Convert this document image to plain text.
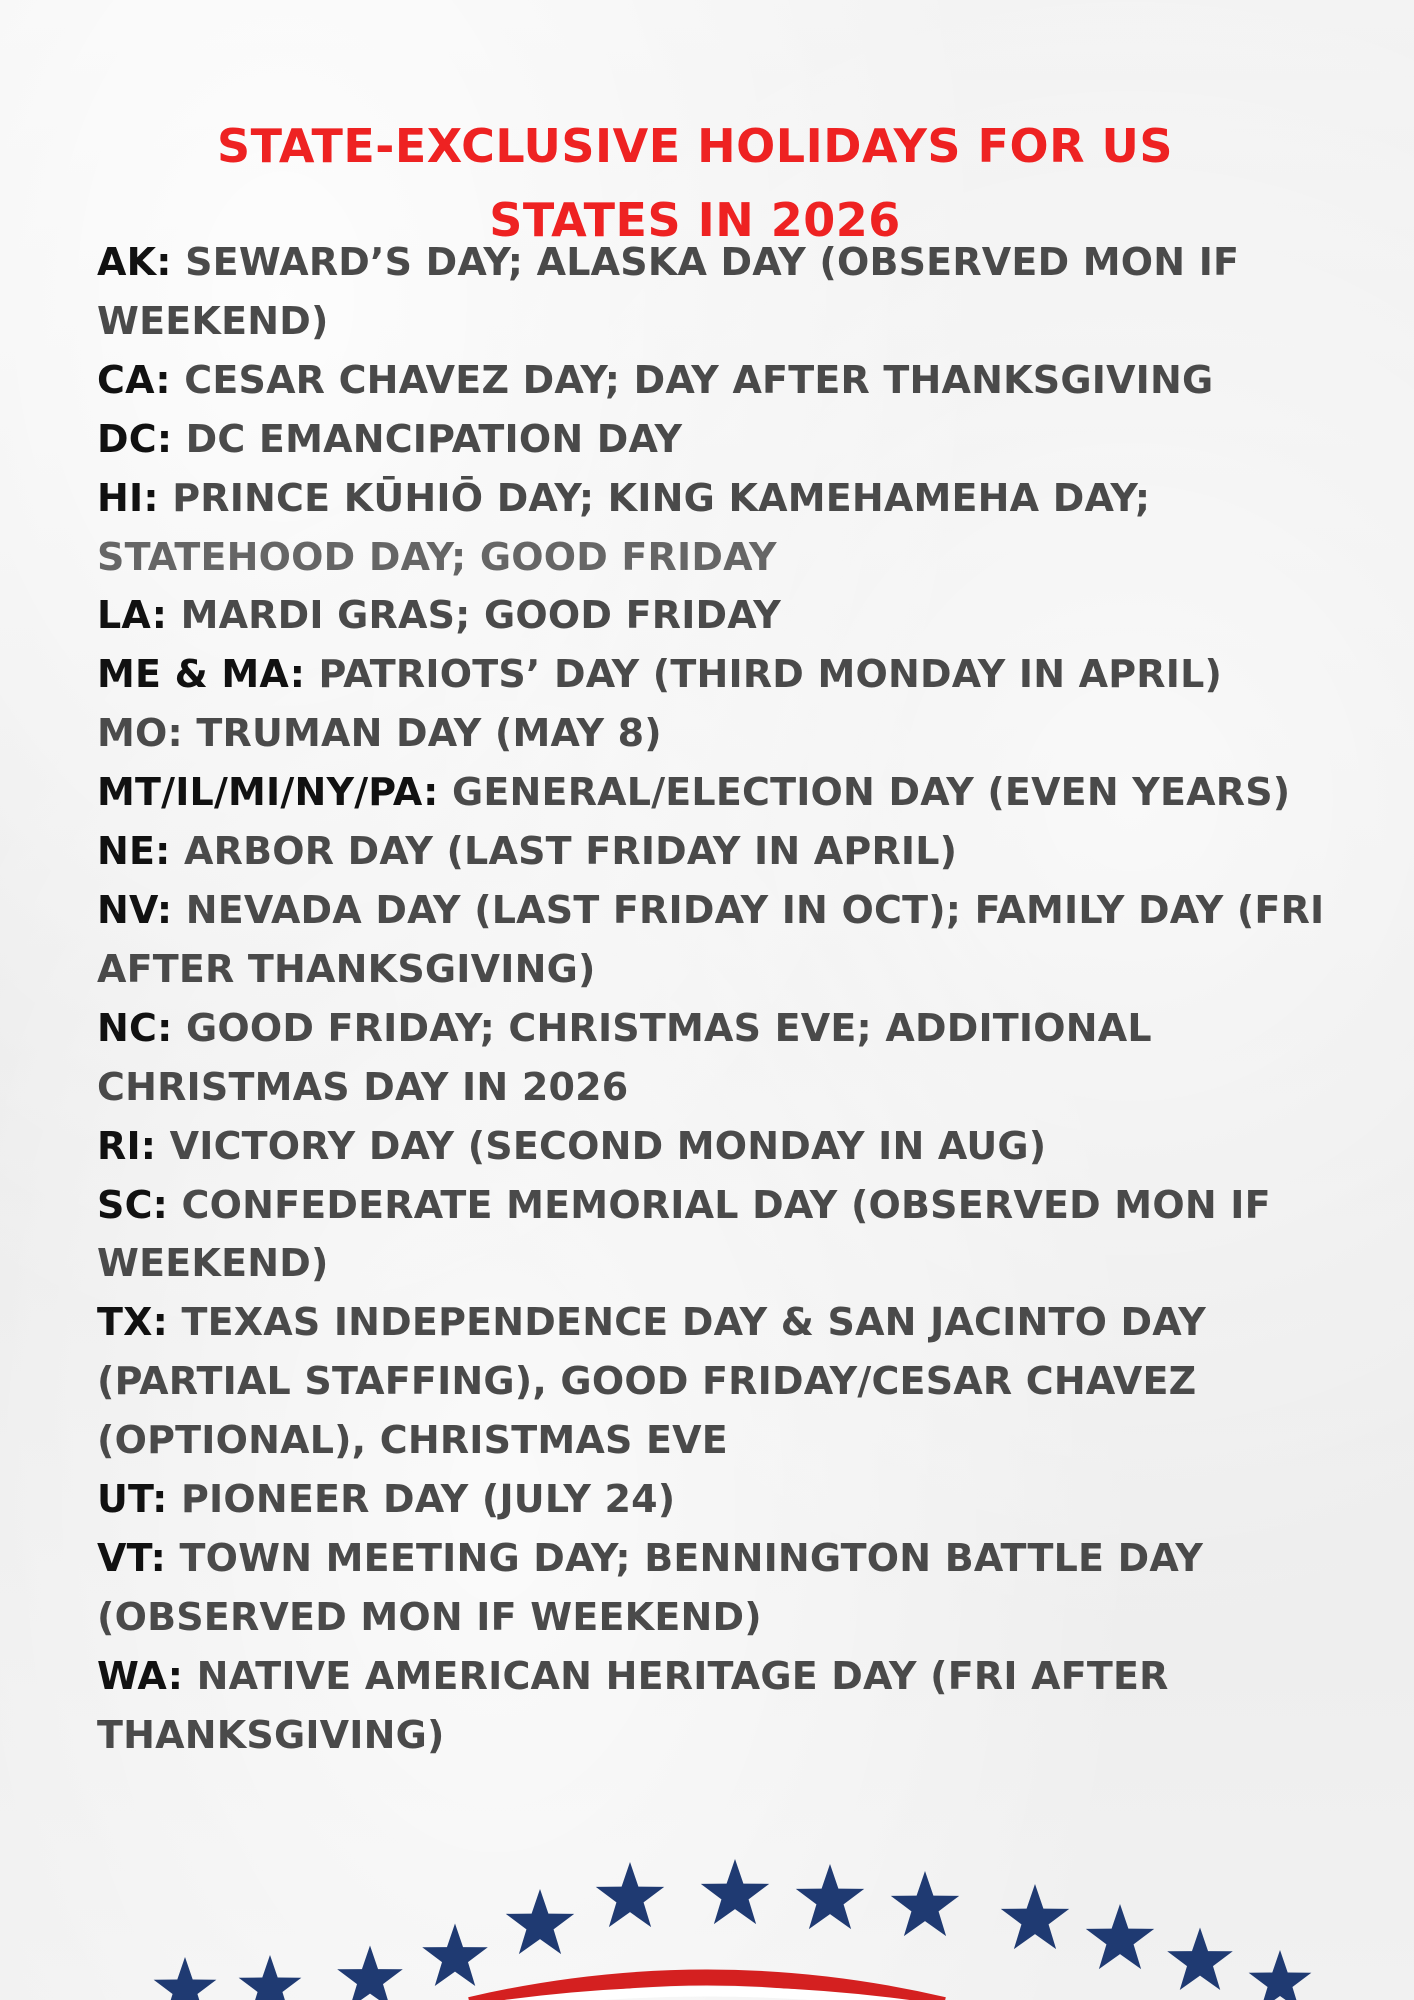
STATE-EXCLUSIVE HOLIDAYS FOR US
STATES IN 2026

AK: SEWARD’S DAY; ALASKA DAY (OBSERVED MON IF WEEKEND)

CA: CESAR CHAVEZ DAY; DAY AFTER THANKSGIVING

DC: DC EMANCIPATION DAY

HI: PRINCE KŪHIŌ DAY; KING KAMEHAMEHA DAY;
STATEHOOD DAY; GOOD FRIDAY

LA: MARDI GRAS; GOOD FRIDAY

ME & MA: PATRIOTS’ DAY (THIRD MONDAY IN APRIL)

MO: TRUMAN DAY (MAY 8)

MT/IL/MI/NY/PA: GENERAL/ELECTION DAY (EVEN YEARS)

NE: ARBOR DAY (LAST FRIDAY IN APRIL)

NV: NEVADA DAY (LAST FRIDAY IN OCT); FAMILY DAY (FRI AFTER THANKSGIVING)

NC: GOOD FRIDAY; CHRISTMAS EVE; ADDITIONAL CHRISTMAS DAY IN 2026

RI: VICTORY DAY (SECOND MONDAY IN AUG)

SC: CONFEDERATE MEMORIAL DAY (OBSERVED MON IF WEEKEND)

TX: TEXAS INDEPENDENCE DAY & SAN JACINTO DAY (PARTIAL STAFFING), GOOD FRIDAY/CESAR CHAVEZ (OPTIONAL), CHRISTMAS EVE

UT: PIONEER DAY (JULY 24)

VT: TOWN MEETING DAY; BENNINGTON BATTLE DAY (OBSERVED MON IF WEEKEND)

WA: NATIVE AMERICAN HERITAGE DAY (FRI AFTER THANKSGIVING)
